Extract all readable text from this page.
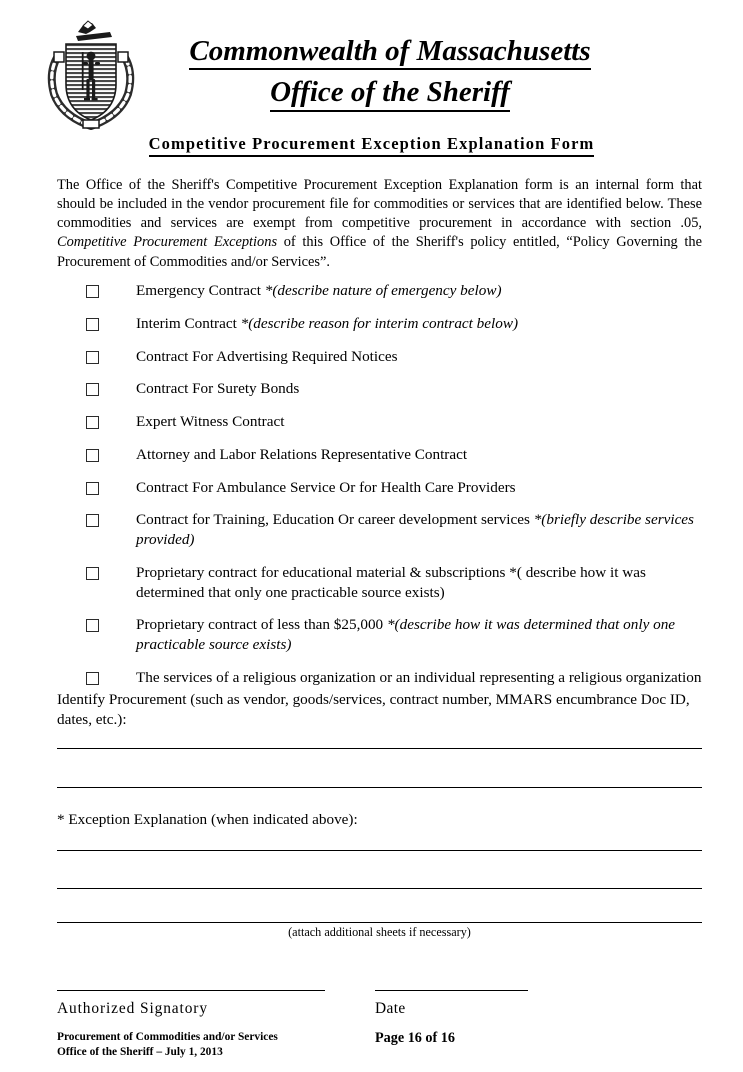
Commonwealth of Massachusetts
Office of the Sheriff
Competitive Procurement Exception Explanation Form
The Office of the Sheriff's Competitive Procurement Exception Explanation form is an internal form that should be included in the vendor procurement file for commodities or services that are identified below. These commodities and services are exempt from competitive procurement in accordance with section .05, Competitive Procurement Exceptions of this Office of the Sheriff's policy entitled, “Policy Governing the Procurement of Commodities and/or Services”.
Emergency Contract *(describe nature of emergency below)
Interim Contract *(describe reason for interim contract below)
Contract For Advertising Required Notices
Contract For Surety Bonds
Expert Witness Contract
Attorney and Labor Relations Representative Contract
Contract For Ambulance Service Or for Health Care Providers
Contract for Training, Education Or career development services *(briefly describe services provided)
Proprietary contract for educational material & subscriptions *( describe how it was determined that only one practicable source exists)
Proprietary contract of less than $25,000 *(describe how it was determined that only one practicable source exists)
The services of a religious organization or an individual representing a religious organization
Identify Procurement (such as vendor, goods/services, contract number, MMARS encumbrance Doc ID, dates, etc.):
* Exception Explanation (when indicated above):
(attach additional sheets if necessary)
Authorized Signatory	Date
Procurement of Commodities and/or Services
Office of the Sheriff – July 1, 2013
Page 16 of 16
